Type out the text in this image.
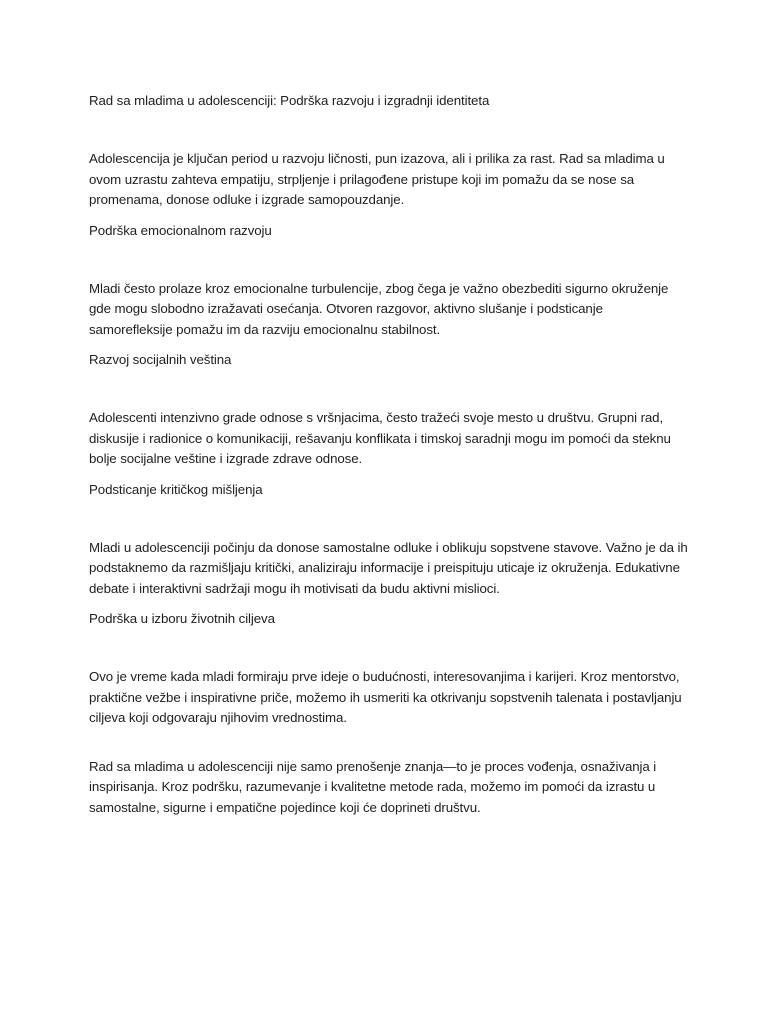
Rad sa mladima u adolescenciji: Podrška razvoju i izgradnji identiteta

Adolescencija je ključan period u razvoju ličnosti, pun izazova, ali i prilika za rast. Rad sa mladima u ovom uzrastu zahteva empatiju, strpljenje i prilagođene pristupe koji im pomažu da se nose sa promenama, donose odluke i izgrade samopouzdanje.

Podrška emocionalnom razvoju

Mladi često prolaze kroz emocionalne turbulencije, zbog čega je važno obezbediti sigurno okruženje gde mogu slobodno izražavati osećanja. Otvoren razgovor, aktivno slušanje i podsticanje samorefleksije pomažu im da razviju emocionalnu stabilnost.

Razvoj socijalnih veština

Adolescenti intenzivno grade odnose s vršnjacima, često tražeći svoje mesto u društvu. Grupni rad, diskusije i radionice o komunikaciji, rešavanju konflikata i timskoj saradnji mogu im pomoći da steknu bolje socijalne veštine i izgrade zdrave odnose.

Podsticanje kritičkog mišljenja

Mladi u adolescenciji počinju da donose samostalne odluke i oblikuju sopstvene stavove. Važno je da ih podstaknemo da razmišljaju kritički, analiziraju informacije i preispituju uticaje iz okruženja. Edukativne debate i interaktivni sadržaji mogu ih motivisati da budu aktivni mislioci.

Podrška u izboru životnih ciljeva

Ovo je vreme kada mladi formiraju prve ideje o budućnosti, interesovanjima i karijeri. Kroz mentorstvo, praktične vežbe i inspirativne priče, možemo ih usmeriti ka otkrivanju sopstvenih talenata i postavljanju ciljeva koji odgovaraju njihovim vrednostima.

Rad sa mladima u adolescenciji nije samo prenošenje znanja—to je proces vođenja, osnaživanja i inspirisanja. Kroz podršku, razumevanje i kvalitetne metode rada, možemo im pomoći da izrastu u samostalne, sigurne i empatične pojedince koji će doprineti društvu.
